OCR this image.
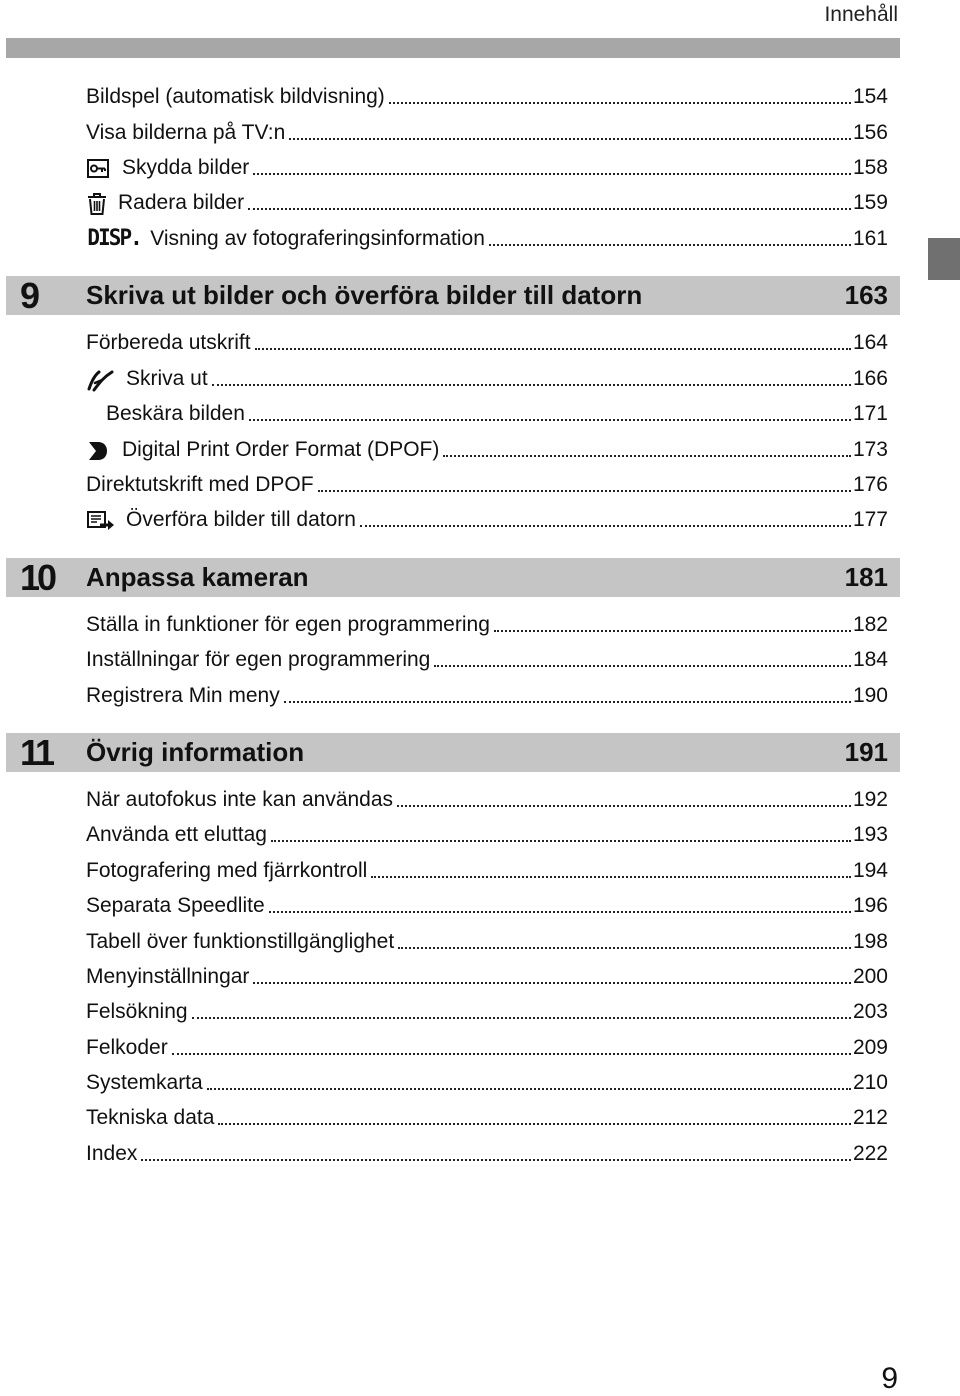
Innehåll
Bildspel (automatisk bildvisning)	154
Visa bilderna på TV:n	156
Skydda bilder	158
Radera bilder	159
DISP. Visning av fotograferingsinformation	161
9 Skriva ut bilder och överföra bilder till datorn	163
Förbereda utskrift	164
Skriva ut	166
Beskära bilden	171
Digital Print Order Format (DPOF)	173
Direktutskrift med DPOF	176
Överföra bilder till datorn	177
10 Anpassa kameran	181
Ställa in funktioner för egen programmering	182
Inställningar för egen programmering	184
Registrera Min meny	190
11 Övrig information	191
När autofokus inte kan användas	192
Använda ett eluttag	193
Fotografering med fjärrkontroll	194
Separata Speedlite	196
Tabell över funktionstillgänglighet	198
Menyinställningar	200
Felsökning	203
Felkoder	209
Systemkarta	210
Tekniska data	212
Index	222
9
